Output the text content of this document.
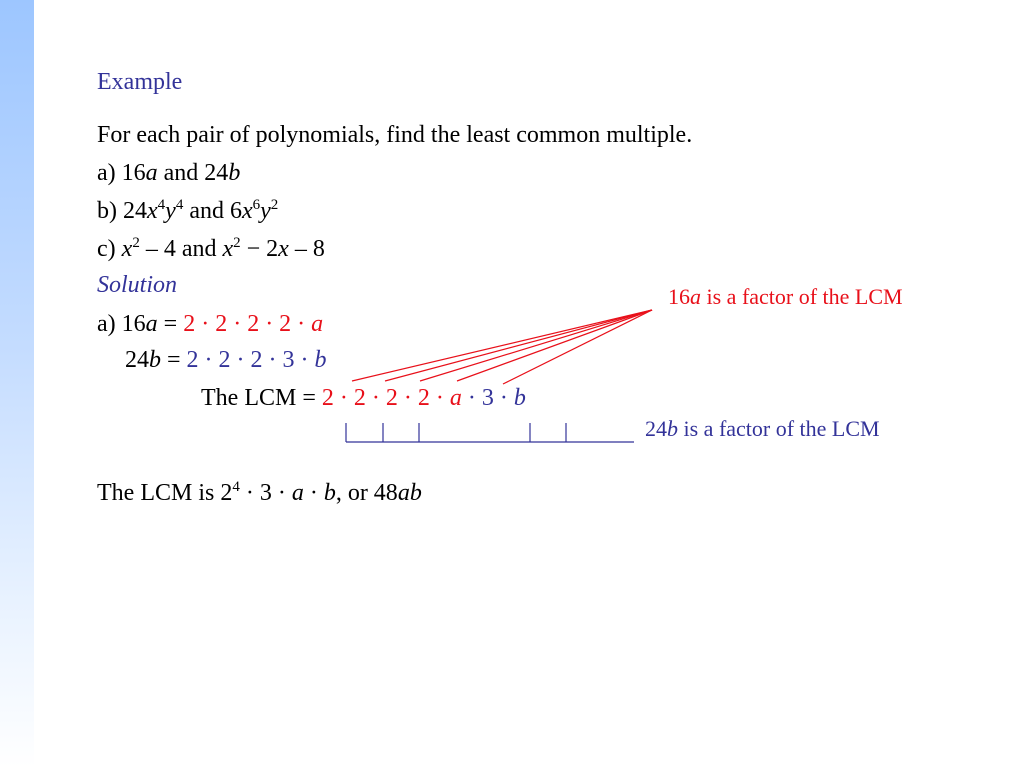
Example
For each pair of polynomials, find the least common multiple.
a) 16a and 24b
b) $24x^4y^4$ and $6x^6y^2$
c) $x^2 - 4$ and $x^2 - 2x - 8$
Solution
a) 16a = 2 · 2 · 2 · 2 · a
24b = 2 · 2 · 2 · 3 · b
The LCM = 2 · 2 · 2 · 2 · a · 3 · b
16a is a factor of the LCM
24b is a factor of the LCM
The LCM is $2^4 \cdot 3 \cdot a \cdot b$, or 48ab
